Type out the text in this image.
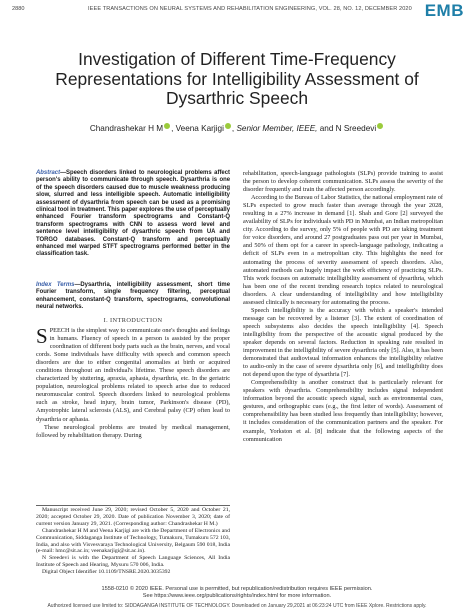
2880	IEEE TRANSACTIONS ON NEURAL SYSTEMS AND REHABILITATION ENGINEERING, VOL. 28, NO. 12, DECEMBER 2020 EMB
Investigation of Different Time-Frequency Representations for Intelligibility Assessment of Dysarthric Speech
Chandrashekar H M , Veena Karjigi , Senior Member, IEEE, and N Sreedevi
Abstract—Speech disorders linked to neurological problems affect person's ability to communicate through speech. Dysarthria is one of the speech disorders caused due to muscle weakness producing slow, slurred and less intelligible speech. Automatic intelligibility assessment of dysarthria from speech can be used as a promising clinical tool in treatment. This paper explores the use of perceptually enhanced Fourier transform spectrograms and Constant-Q transform spectrograms with CNN to assess word level and sentence level intelligibility of dysarthric speech from UA and TORGO databases. Constant-Q transform and perceptually enhanced mel warped STFT spectrograms performed better in the classification task.
Index Terms—Dysarthria, intelligibility assessment, short time Fourier transform, single frequency filtering, perceptual enhancement, constant-Q transform, spectrograms, convolutional neural networks.
I. INTRODUCTION

SPEECH is the simplest way to communicate one's thoughts and feelings in humans. Fluency of speech in a person is assisted by the proper coordination of different body parts such as the brain, nerves, and vocal cords. Some individuals have difficulty with speech and common speech disorders are due to either congenital anomalies at birth or acquired conditions throughout an individual's lifetime. These speech disorders are characterized by stuttering, apraxia, aphasia, dysarthria, etc. In the geriatric population, neurological problems related to speech arise due to reduced neuromuscular control. Speech disorders linked to neurological problems such as stroke, head injury, brain tumor, Parkinson's disease (PD), Amyotrophic lateral sclerosis (ALS), and Cerebral palsy (CP) often lead to dysarthria or aphasia.

These neurological problems are treated by medical management, followed by rehabilitation therapy. During

Manuscript received June 29, 2020; revised October 5, 2020 and October 21, 2020; accepted October 29, 2020. Date of publication November 3, 2020; date of current version January 29, 2021. (Corresponding author: Chandrashekar H M.)

Chandrashekar H M and Veena Karjigi are with the Department of Electronics and Communication, Siddaganga Institute of Technology, Tumakuru, Tumakuru 572 103, India, and also with Visvesvaraya Technological University, Belgaum 590 018, India (e-mail: hmc@sit.ac.in; veenakarjigi@sit.ac.in).

N Sreedevi is with the Department of Speech Language Sciences, All India Institute of Speech and Hearing, Mysuru 570 006, India.

Digital Object Identifier 10.1109/TNSRE.2020.3035392

rehabilitation, speech-language pathologists (SLPs) provide training to assist the person to develop coherent communication. SLPs assess the severity of the disorder frequently and train the affected person accordingly.

According to the Bureau of Labor Statistics, the national employment rate of SLPs expected to grow much faster than average through the year 2028, resulting in a 27% increase in demand [1]. Shah and Gore [2] surveyed the availability of SLPs for individuals with PD in Mumbai, an Indian metropolitan city. According to the survey, only 5% of people with PD are taking treatment for voice disorders, and around 27 postgraduates pass out per year in Mumbai, and 50% of them opt for a career in speech-language pathology, indicating a deficit of SLPs even in a metropolitan city. This highlights the need for automating the process of severity assessment of speech disorders. Also, automated methods can hugely impact the work efficiency of practicing SLPs. This work focuses on automatic intelligibility assessment of dysarthria, which has been one of the recent trending research topics related to neurological disorders. A clear understanding of intelligibility and how intelligibility assessed clinically is necessary for automating the process.

Speech intelligibility is the accuracy with which a speaker's intended message can be recovered by a listener [3]. The extent of coordination of speech subsystems also decides the speech intelligibility [4]. Speech intelligibility from the perspective of the acoustic signal produced by the speaker depends on several factors. Reduction in speaking rate resulted in improvement in the intelligibility of severe dysarthria only [5]. Also, it has been demonstrated that audiovisual information enhances the intelligibility relative to audio-only in the case of severe dysarthria only [6], and intelligibility does not depend upon the type of dysarthria [7].

Comprehensibility is another construct that is particularly relevant for speakers with dysarthria. Comprehensibility includes signal independent information beyond the acoustic speech signal, such as environmental cues, gestures, and orthographic cues (e.g., the first letter of words). Assessment of comprehensibility has been studied less frequently than intelligibility; however, it includes consideration of the communication partners and the speaker. For example, Yorkston et al. [8] indicate that the following aspects of the communication

1558-0210 © 2020 IEEE. Personal use is permitted, but republication/redistribution requires IEEE permission.
See https://www.ieee.org/publications/rights/index.html for more information.
Authorized licensed use limited to: SIDDAGANGA INSTITUTE OF TECHNOLOGY. Downloaded on January 29,2021 at 06:23:24 UTC from IEEE Xplore. Restrictions apply.
